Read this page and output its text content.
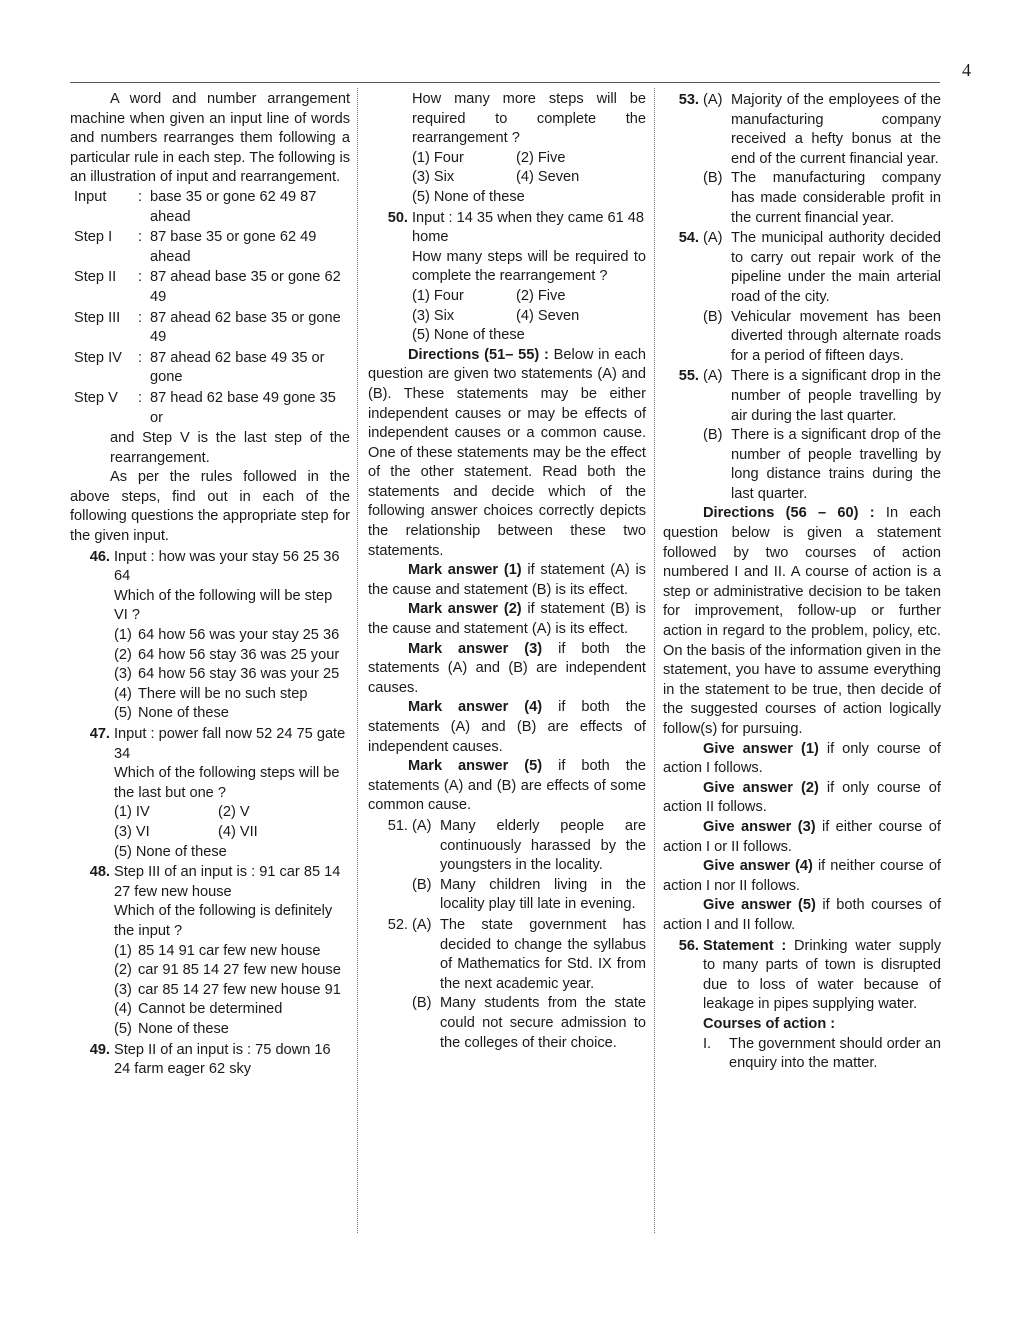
4

A word and number arrangement machine when given an input line of words and numbers rearranges them following a particular rule in each step. The following is an illustration of input and rearrangement.

Input	: base 35 or gone 62 49 87 ahead
Step I	: 87 base 35 or gone 62 49 ahead
Step II	: 87 ahead base 35 or gone 62 49
Step III	: 87 ahead 62 base 35 or gone 49
Step IV	: 87 ahead 62 base 49 35 or gone
Step V	: 87 head 62 base 49 gone 35 or

and Step V is the last step of the rearrangement.

As per the rules followed in the above steps, find out in each of the following questions the appropriate step for the given input.

46. Input : how was your stay 56 25 36 64

Which of the following will be step VI ?

(1) 64 how 56 was your stay 25 36
(2) 64 how 56 stay 36 was 25 your
(3) 64 how 56 stay 36 was your 25
(4) There will be no such step
(5) None of these
47. Input : power fall now 52 24 75 gate 34

Which of the following steps will be the last but one ?

(1) IV	(2) V
(3) VI	(4) VII

(5) None of these

48. Step III of an input is : 91 car 85 14 27 few new house

Which of the following is definitely the input ?

(1) 85 14 91 car few new house
(2) car 91 85 14 27 few new house
(3) car 85 14 27 few new house 91
(4) Cannot be determined
(5) None of these
49. Step II of an input is : 75 down 16 24 farm eager 62 sky

How many more steps will be required to complete the rearrangement ?

(1) Four	(2) Five
(3) Six	(4) Seven

(5) None of these

50. Input : 14 35 when they came 61 48 home

How many steps will be required to complete the rearrangement ?

(1) Four	(2) Five
(3) Six	(4) Seven

(5) None of these

Directions (51– 55) : Below in each question are given two statements (A) and (B). These statements may be either independent causes or may be effects of independent causes or a common cause. One of these statements may be the effect of the other statement. Read both the statements and decide which of the following answer choices correctly depicts the relationship between these two statements.

Mark answer (1) if statement (A) is the cause and statement (B) is its effect.

Mark answer (2) if statement (B) is the cause and statement (A) is its effect.

Mark answer (3) if both the statements (A) and (B) are independent causes.

Mark answer (4) if both the statements (A) and (B) are effects of independent causes.

Mark answer (5) if both the statements (A) and (B) are effects of some common cause.

51. (A) Many elderly people are continuously harassed by the youngsters in the locality.
(B) Many children living in the locality play till late in evening.
52. (A) The state government has decided to change the syllabus of Mathematics for Std. IX from the next academic year.
(B) Many students from the state could not secure admission to the colleges of their choice.
53. (A) Majority of the employees of the manufacturing company received a hefty bonus at the end of the current financial year.
(B) The manufacturing company has made considerable profit in the current financial year.
54. (A) The municipal authority decided to carry out repair work of the pipeline under the main arterial road of the city.
(B) Vehicular movement has been diverted through alternate roads for a period of fifteen days.
55. (A) There is a significant drop in the number of people travelling by air during the last quarter.
(B) There is a significant drop of the number of people travelling by long distance trains during the last quarter.

Directions (56 – 60) : In each question below is given a statement followed by two courses of action numbered I and II. A course of action is a step or administrative decision to be taken for improvement, follow-up or further action in regard to the problem, policy, etc. On the basis of the information given in the statement, you have to assume everything in the statement to be true, then decide of the suggested courses of action logically follow(s) for pursuing.

Give answer (1) if only course of action I follows.

Give answer (2) if only course of action II follows.

Give answer (3) if either course of action I or II follows.

Give answer (4) if neither course of action I nor II follows.

Give answer (5) if both courses of action I and II follow.

56. Statement : Drinking water supply to many parts of town is disrupted due to loss of water because of leakage in pipes supplying water.

Courses of action :

I.	The government should order an enquiry into the matter.
